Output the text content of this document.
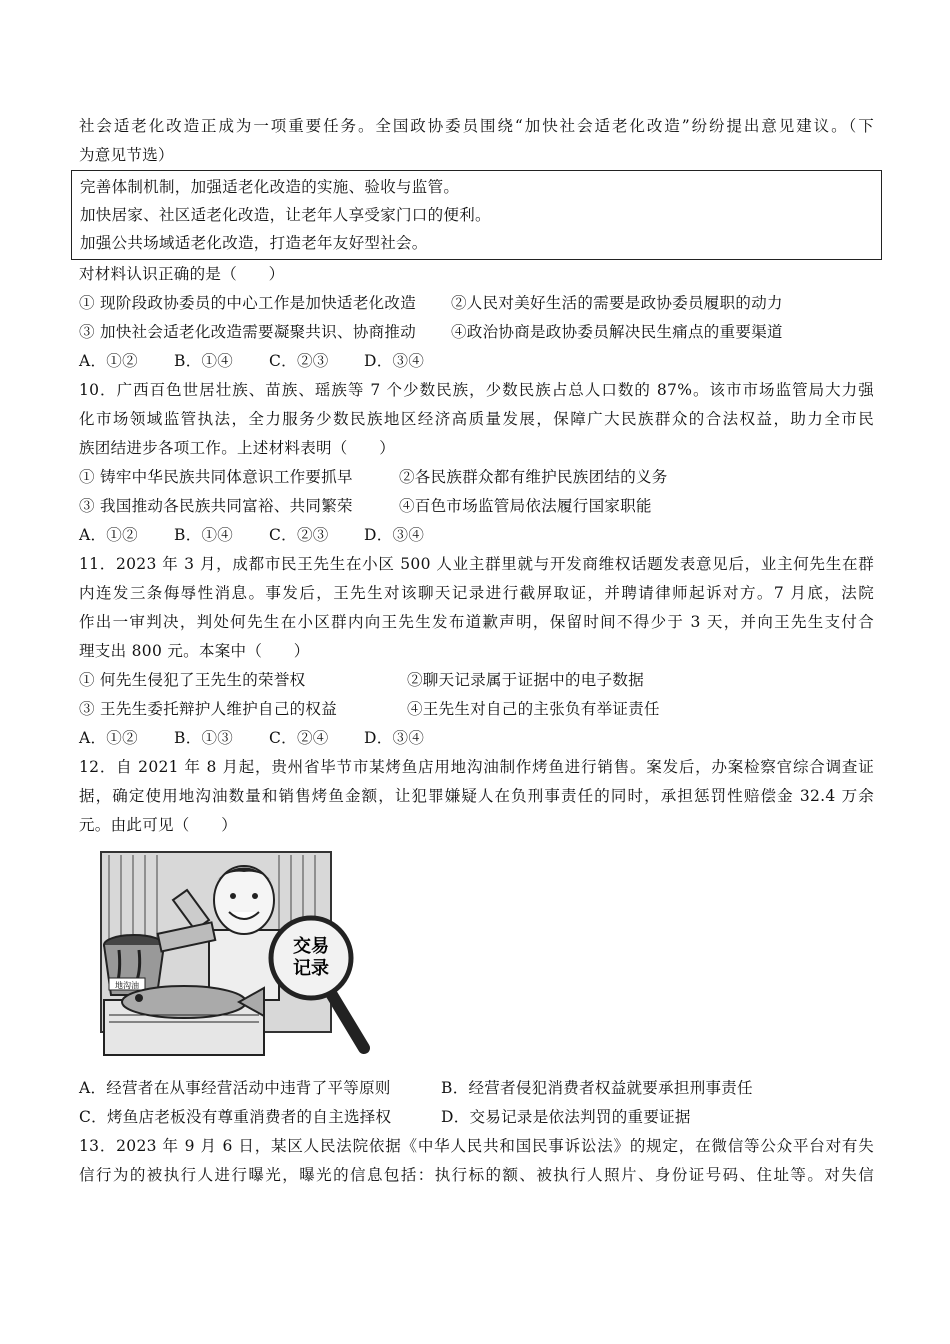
社会适老化改造正成为一项重要任务。全国政协委员围绕“加快社会适老化改造”纷纷提出意见建议。（下
为意见节选）
完善体制机制，加强适老化改造的实施、验收与监管。
加快居家、社区适老化改造，让老年人享受家门口的便利。
加强公共场域适老化改造，打造老年友好型社会。
对材料认识正确的是（　　）
① 现阶段政协委员的中心工作是加快适老化改造	②人民对美好生活的需要是政协委员履职的动力
③ 加快社会适老化改造需要凝聚共识、协商推动	④政治协商是政协委员解决民生痛点的重要渠道
A．①②	B．①④	C．②③	D．③④
10．广西百色世居壮族、苗族、瑶族等 7 个少数民族，少数民族占总人口数的 87%。该市市场监管局大力强
化市场领域监管执法，全力服务少数民族地区经济高质量发展，保障广大民族群众的合法权益，助力全市民
族团结进步各项工作。上述材料表明（　　）
① 铸牢中华民族共同体意识工作要抓早	②各民族群众都有维护民族团结的义务
③ 我国推动各民族共同富裕、共同繁荣	④百色市场监管局依法履行国家职能
A．①②	B．①④	C．②③	D．③④
11．2023 年 3 月，成都市民王先生在小区 500 人业主群里就与开发商维权话题发表意见后，业主何先生在群
内连发三条侮辱性消息。事发后，王先生对该聊天记录进行截屏取证，并聘请律师起诉对方。7 月底，法院
作出一审判决，判处何先生在小区群内向王先生发布道歉声明，保留时间不得少于 3 天，并向王先生支付合
理支出 800 元。本案中（　　）
① 何先生侵犯了王先生的荣誉权	②聊天记录属于证据中的电子数据
③ 王先生委托辩护人维护自己的权益	④王先生对自己的主张负有举证责任
A．①②	B．①③	C．②④	D．③④
12．自 2021 年 8 月起，贵州省毕节市某烤鱼店用地沟油制作烤鱼进行销售。案发后，办案检察官综合调查证
据，确定使用地沟油数量和销售烤鱼金额，让犯罪嫌疑人在负刑事责任的同时，承担惩罚性赔偿金 32.4 万余
元。由此可见（　　）
地沟油
交易
记录
A．经营者在从事经营活动中违背了平等原则	B．经营者侵犯消费者权益就要承担刑事责任
C．烤鱼店老板没有尊重消费者的自主选择权	D．交易记录是依法判罚的重要证据
13．2023 年 9 月 6 日，某区人民法院依据《中华人民共和国民事诉讼法》的规定，在微信等公众平台对有失
信行为的被执行人进行曝光，曝光的信息包括：执行标的额、被执行人照片、身份证号码、住址等。对失信
